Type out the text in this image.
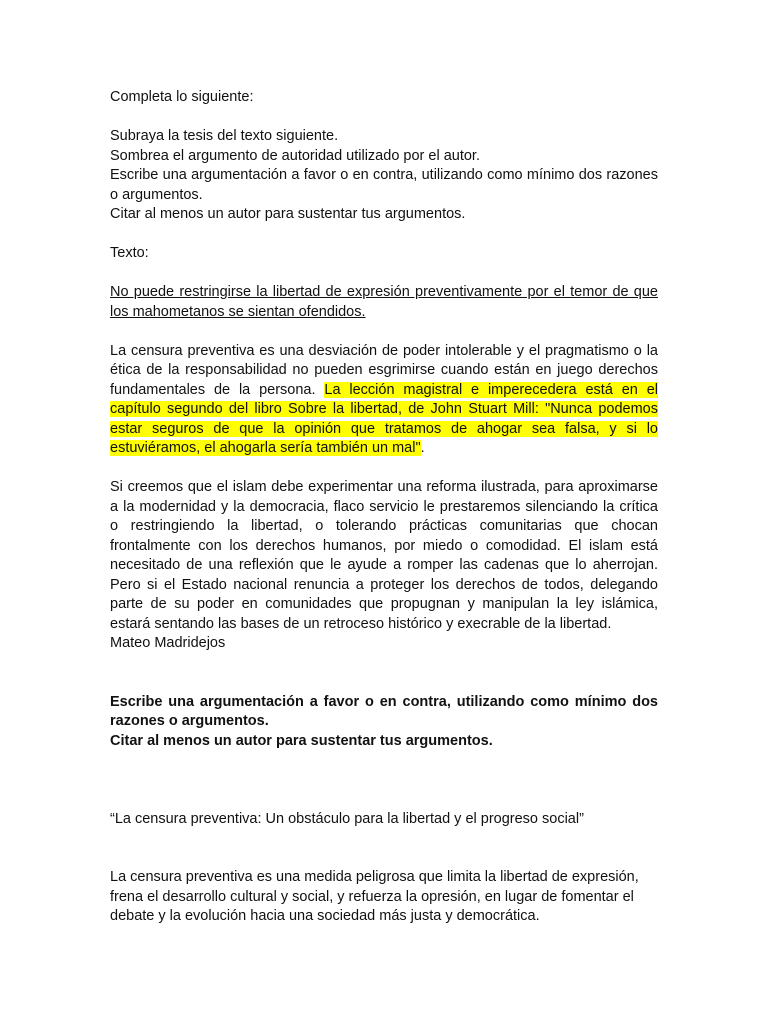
Completa lo siguiente:

Subraya la tesis del texto siguiente.

Sombrea el argumento de autoridad utilizado por el autor.

Escribe una argumentación a favor o en contra, utilizando como mínimo dos razones o argumentos.

Citar al menos un autor para sustentar tus argumentos.

Texto:

No puede restringirse la libertad de expresión preventivamente por el temor de que los mahometanos se sientan ofendidos.

La censura preventiva es una desviación de poder intolerable y el pragmatismo o la ética de la responsabilidad no pueden esgrimirse cuando están en juego derechos fundamentales de la persona. La lección magistral e imperecedera está en el capítulo segundo del libro Sobre la libertad, de John Stuart Mill: "Nunca podemos estar seguros de que la opinión que tratamos de ahogar sea falsa, y si lo estuviéramos, el ahogarla sería también un mal".

Si creemos que el islam debe experimentar una reforma ilustrada, para aproximarse a la modernidad y la democracia, flaco servicio le prestaremos silenciando la crítica o restringiendo la libertad, o tolerando prácticas comunitarias que chocan frontalmente con los derechos humanos, por miedo o comodidad. El islam está necesitado de una reflexión que le ayude a romper las cadenas que lo aherrojan. Pero si el Estado nacional renuncia a proteger los derechos de todos, delegando parte de su poder en comunidades que propugnan y manipulan la ley islámica, estará sentando las bases de un retroceso histórico y execrable de la libertad.

Mateo Madridejos

Escribe una argumentación a favor o en contra, utilizando como mínimo dos razones o argumentos.

Citar al menos un autor para sustentar tus argumentos.

“La censura preventiva: Un obstáculo para la libertad y el progreso social”

La censura preventiva es una medida peligrosa que limita la libertad de expresión, frena el desarrollo cultural y social, y refuerza la opresión, en lugar de fomentar el debate y la evolución hacia una sociedad más justa y democrática.
